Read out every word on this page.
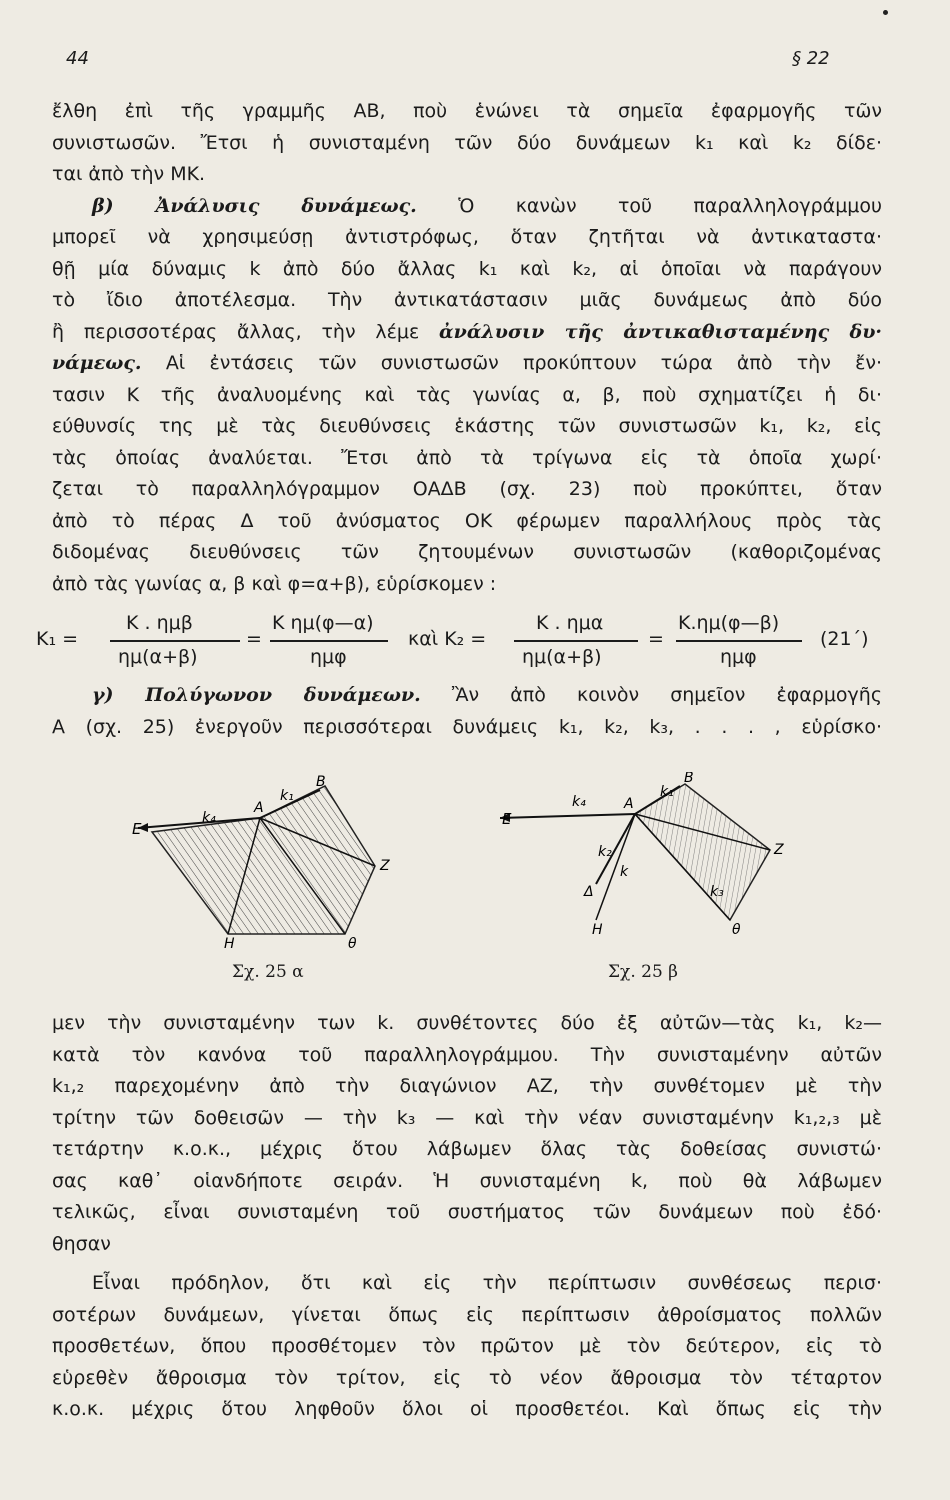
44	§ 22
ἔλθη ἐπὶ τῆς γραμμῆς ΑΒ, ποὺ ἑνώνει τὰ σημεῖα ἐφαρμογῆς τῶν
συνιστωσῶν. Ἔτσι ἡ συνισταμένη τῶν δύο δυνάμεων k₁ καὶ k₂ δίδε·
ται ἀπὸ τὴν ΜΚ.
β) Ἀνάλυσις δυνάμεως. Ὁ κανὼν τοῦ παραλληλογράμμου
μπορεῖ νὰ χρησιμεύσῃ ἀντιστρόφως, ὅταν ζητῆται νὰ ἀντικαταστα·
θῇ μία δύναμις k ἀπὸ δύο ἄλλας k₁ καὶ k₂, αἱ ὁποῖαι νὰ παράγουν
τὸ ἴδιο ἀποτέλεσμα. Τὴν ἀντικατάστασιν μιᾶς δυνάμεως ἀπὸ δύο
ἢ περισσοτέρας ἄλλας, τὴν λέμε ἀνάλυσιν τῆς ἀντικαθισταμένης δυ·
νάμεως. Αἱ ἐντάσεις τῶν συνιστωσῶν προκύπτουν τώρα ἀπὸ τὴν ἔν·
τασιν Κ τῆς ἀναλυομένης καὶ τὰς γωνίας α, β, ποὺ σχηματίζει ἡ δι·
εύθυνσίς της μὲ τὰς διευθύνσεις ἑκάστης τῶν συνιστωσῶν k₁, k₂, εἰς
τὰς ὁποίας ἀναλύεται. Ἔτσι ἀπὸ τὰ τρίγωνα εἰς τὰ ὁποῖα χωρί·
ζεται τὸ παραλληλόγραμμον ΟΑΔΒ (σχ. 23) ποὺ προκύπτει, ὅταν
ἀπὸ τὸ πέρας Δ τοῦ ἀνύσματος ΟΚ φέρωμεν παραλλήλους πρὸς τὰς
διδομένας διευθύνσεις τῶν ζητουμένων συνιστωσῶν (καθοριζομένας
ἀπὸ τὰς γωνίας α, β καὶ φ=α+β), εὑρίσκομεν :
K₁ =
K . ημβ
ημ(α+β)
=
K ημ(φ—α)
ημφ
καὶ K₂ =
K . ημα
ημ(α+β)
=
K.ημ(φ—β)
ημφ
(21΄)
γ) Πολύγωνον δυνάμεων. Ἂν ἀπὸ κοινὸν σημεῖον ἐφαρμογῆς
Α (σχ. 25) ἐνεργοῦν περισσότεραι δυνάμεις k₁, k₂, k₃, . . . , εὑρίσκο·
Ε
A
B
k₄
k₁
Z
Η	θ
Ε
A
B
k₄
k₁
k₂
k
k₃
Δ
Z
Η	θ
Σχ. 25 α	Σχ. 25 β
μεν τὴν συνισταμένην των k. συνθέτοντες δύο ἐξ αὐτῶν—τὰς k₁, k₂—
κατὰ τὸν κανόνα τοῦ παραλληλογράμμου. Τὴν συνισταμένην αὐτῶν
k₁,₂ παρεχομένην ἀπὸ τὴν διαγώνιον ΑΖ, τὴν συνθέτομεν μὲ τὴν
τρίτην τῶν δοθεισῶν — τὴν k₃ — καὶ τὴν νέαν συνισταμένην k₁,₂,₃ μὲ
τετάρτην κ.ο.κ., μέχρις ὅτου λάβωμεν ὅλας τὰς δοθείσας συνιστώ·
σας καθ᾽ οἱανδήποτε σειράν. Ἡ συνισταμένη k, ποὺ θὰ λάβωμεν
τελικῶς, εἶναι συνισταμένη τοῦ συστήματος τῶν δυνάμεων ποὺ ἐδό·
θησαν
Εἶναι πρόδηλον, ὅτι καὶ εἰς τὴν περίπτωσιν συνθέσεως περισ·
σοτέρων δυνάμεων, γίνεται ὅπως εἰς περίπτωσιν ἀθροίσματος πολλῶν
προσθετέων, ὅπου προσθέτομεν τὸν πρῶτον μὲ τὸν δεύτερον, εἰς τὸ
εὑρεθὲν ἄθροισμα τὸν τρίτον, εἰς τὸ νέον ἄθροισμα τὸν τέταρτον
κ.ο.κ. μέχρις ὅτου ληφθοῦν ὅλοι οἱ προσθετέοι. Καὶ ὅπως εἰς τὴν
